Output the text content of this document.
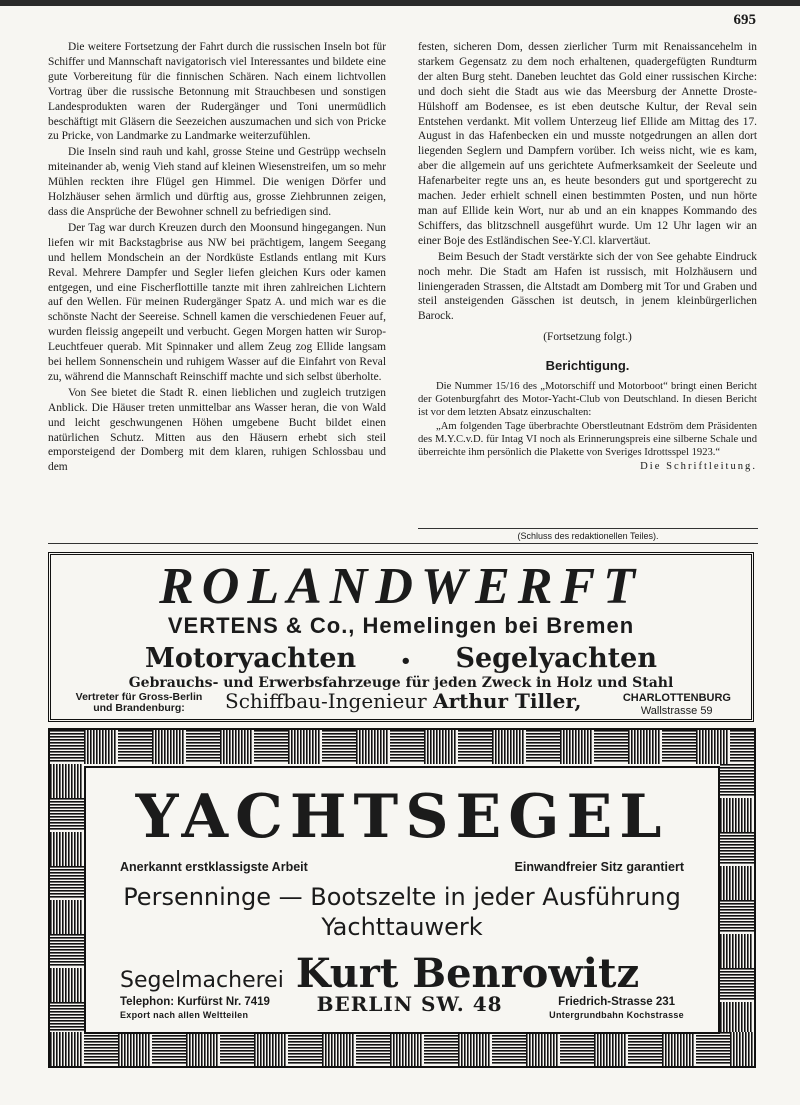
695

Die weitere Fortsetzung der Fahrt durch die russischen Inseln bot für Schiffer und Mannschaft navigatorisch viel Interessantes und bildete eine gute Vorbereitung für die finnischen Schären. Nach einem lichtvollen Vortrag über die russische Betonnung mit Strauchbesen und sonstigen Landesprodukten waren der Rudergänger und Toni unermüdlich beschäftigt mit Gläsern die Seezeichen auszumachen und sich von Pricke zu Pricke, von Landmarke zu Landmarke weiterzufühlen.

Die Inseln sind rauh und kahl, grosse Steine und Gestrüpp wechseln miteinander ab, wenig Vieh stand auf kleinen Wiesenstreifen, um so mehr Mühlen reckten ihre Flügel gen Himmel. Die wenigen Dörfer und Holzhäuser sehen ärmlich und dürftig aus, grosse Ziehbrunnen zeigen, dass die Ansprüche der Bewohner schnell zu befriedigen sind.

Der Tag war durch Kreuzen durch den Moonsund hingegangen. Nun liefen wir mit Backstagbrise aus NW bei prächtigem, langem Seegang und hellem Mondschein an der Nordküste Estlands entlang mit Kurs Reval. Mehrere Dampfer und Segler liefen gleichen Kurs oder kamen entgegen, und eine Fischerflottille tanzte mit ihren zahlreichen Lichtern auf den Wellen. Für meinen Rudergänger Spatz A. und mich war es die schönste Nacht der Seereise. Schnell kamen die verschiedenen Feuer auf, wurden fleissig angepeilt und verbucht. Gegen Morgen hatten wir Surop-Leuchtfeuer querab. Mit Spinnaker und allem Zeug zog Ellide langsam bei hellem Sonnenschein und ruhigem Wasser auf die Einfahrt von Reval zu, während die Mannschaft Reinschiff machte und sich selbst überholte.

Von See bietet die Stadt R. einen lieblichen und zugleich trutzigen Anblick. Die Häuser treten unmittelbar ans Wasser heran, die von Wald und leicht geschwungenen Höhen umgebene Bucht bildet einen natürlichen Schutz. Mitten aus den Häusern erhebt sich steil emporsteigend der Domberg mit dem klaren, ruhigen Schlossbau und dem

festen, sicheren Dom, dessen zierlicher Turm mit Renaissancehelm in starkem Gegensatz zu dem noch erhaltenen, quadergefügten Rundturm der alten Burg steht. Daneben leuchtet das Gold einer russischen Kirche: und doch sieht die Stadt aus wie das Meersburg der Annette Droste-Hülshoff am Bodensee, es ist eben deutsche Kultur, der Reval sein Entstehen verdankt. Mit vollem Unterzeug lief Ellide am Mittag des 17. August in das Hafenbecken ein und musste notgedrungen an allen dort liegenden Seglern und Dampfern vorüber. Ich weiss nicht, wie es kam, aber die allgemein auf uns gerichtete Aufmerksamkeit der Seeleute und Hafenarbeiter regte uns an, es heute besonders gut und sportgerecht zu machen. Jeder erhielt schnell einen bestimmten Posten, und nun hörte man auf Ellide kein Wort, nur ab und an ein knappes Kommando des Schiffers, das blitzschnell ausgeführt wurde. Um 12 Uhr lagen wir an einer Boje des Estländischen See-Y.Cl. klarvertäut.

Beim Besuch der Stadt verstärkte sich der von See gehabte Eindruck noch mehr. Die Stadt am Hafen ist russisch, mit Holzhäusern und liniengeraden Strassen, die Altstadt am Domberg mit Tor und Graben und steil ansteigenden Gässchen ist deutsch, in jenem kleinbürgerlichen Barock.

(Fortsetzung folgt.)
Berichtigung.

Die Nummer 15/16 des „Motorschiff und Motorboot“ bringt einen Bericht der Gotenburgfahrt des Motor-Yacht-Club von Deutschland. In diesen Bericht ist vor dem letzten Absatz einzuschalten:

„Am folgenden Tage überbrachte Oberstleutnant Edström dem Präsidenten des M.Y.C.v.D. für Intag VI noch als Erinnerungspreis eine silberne Schale und überreichte ihm persönlich die Plakette von Sveriges Idrottsspel 1923.“

Die Schriftleitung.
(Schluss des redaktionellen Teiles).
ROLANDWERFT
VERTENS & Co., Hemelingen bei Bremen
Motoryachten • Segelyachten
Gebrauchs- und Erwerbsfahrzeuge für jeden Zweck in Holz und Stahl
Vertreter für Gross-Berlin
und Brandenburg:	Schiffbau-Ingenieur Arthur Tiller,	CHARLOTTENBURG
Wallstrasse 59
YACHTSEGEL
Anerkannt erstklassigste Arbeit	Einwandfreier Sitz garantiert
Persenninge — Bootszelte in jeder Ausführung
Yachttauwerk
Segelmacherei Kurt Benrowitz
Telephon: Kurfürst Nr. 7419
Export nach allen Weltteilen	BERLIN SW. 48	Friedrich-Strasse 231
Untergrundbahn Kochstrasse
